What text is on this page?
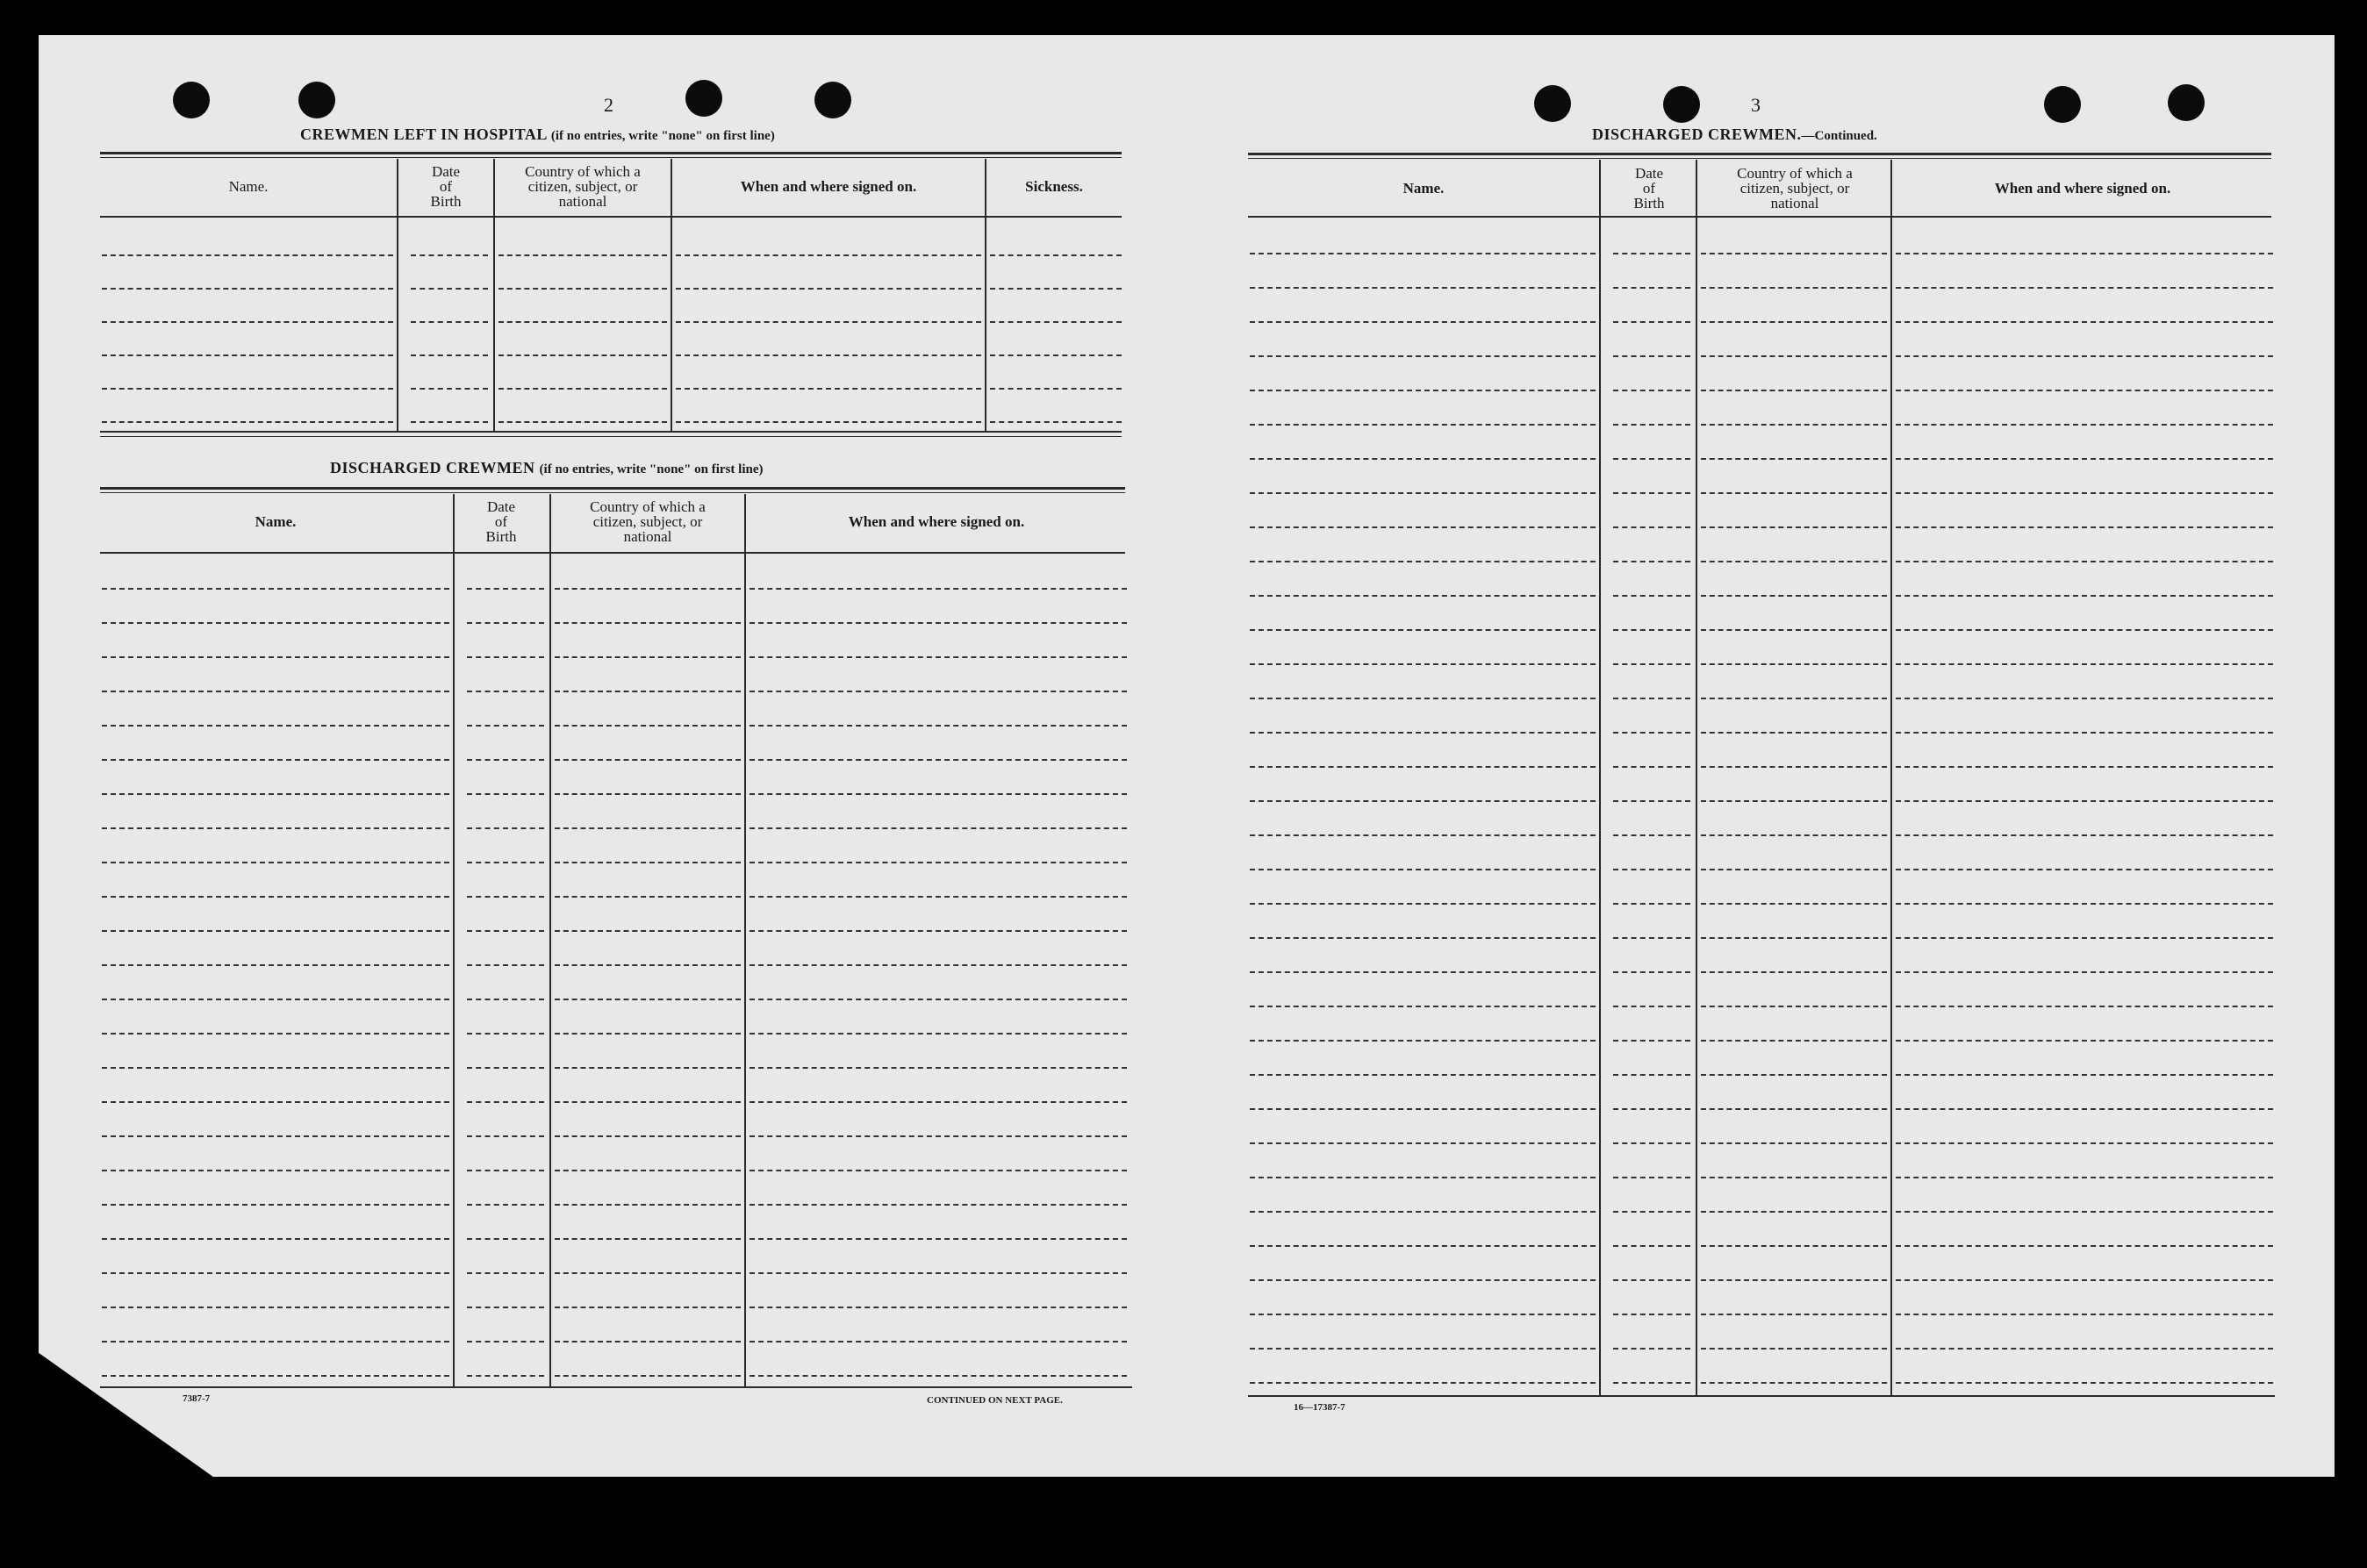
2
CREWMEN LEFT IN HOSPITAL (if no entries, write "none" on first line)
Name.
Date
of
Birth
Country of which a
citizen, subject, or
national
When and where signed on.	Sickness.
DISCHARGED CREWMEN (if no entries, write "none" on first line)
Name.
Date
of
Birth
Country of which a
citizen, subject, or
national
When and where signed on.
7387-7	CONTINUED ON NEXT PAGE.
3
DISCHARGED CREWMEN.—Continued.
Name.
Date
of
Birth
Country of which a
citizen, subject, or
national
When and where signed on.
16—17387-7
